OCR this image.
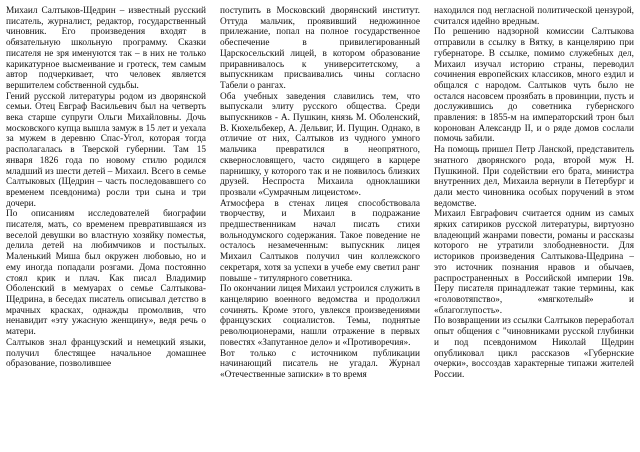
Михаил Салтыков-Щедрин – известный русский писатель, журналист, редактор, государственный чиновник. Его произведения входят в обязательную школьную программу. Сказки писателя не зря именуются так – в них не только карикатурное высмеивание и гротеск, тем самым автор подчеркивает, что человек является вершителем собственной судьбы.

Гений русской литературы родом из дворянской семьи. Отец Евграф Васильевич был на четверть века старше супруги Ольги Михайловны. Дочь московского купца вышла замуж в 15 лет и уехала за мужем в деревню Спас-Угол, которая тогда располагалась в Тверской губернии. Там 15 января 1826 года по новому стилю родился младший из шести детей – Михаил. Всего в семье Салтыковых (Щедрин – часть последовавшего со временем псевдонима) росли три сына и три дочери.

По описаниям исследователей биографии писателя, мать, со временем превратившаяся из веселой девушки во властную хозяйку поместья, делила детей на любимчиков и постылых. Маленький Миша был окружен любовью, но и ему иногда попадали розгами. Дома постоянно стоял крик и плач. Как писал Владимир Оболенский в мемуарах о семье Салтыкова-Щедрина, в беседах писатель описывал детство в мрачных красках, однажды промолвив, что ненавидит «эту ужасную женщину», ведя речь о матери.

Салтыков знал французский и немецкий языки, получил блестящее начальное домашнее образование, позволившее

поступить в Московский дворянский институт. Оттуда мальчик, проявивший недюжинное прилежание, попал на полное государственное обеспечение в привилегированный Царскосельский лицей, в котором образование приравнивалось к университетскому, а выпускникам присваивались чины согласно Табели о рангах.

Оба учебных заведения славились тем, что выпускали элиту русского общества. Среди выпускников - А. Пушкин, князь М. Оболенский, В. Кюхельбекер, А. Дельвиг, И. Пущин. Однако, в отличие от них, Салтыков из чудного умного мальчика превратился в неопрятного, сквернословящего, часто сидящего в карцере парнишку, у которого так и не появилось близких друзей. Неспроста Михаила одноклашики прозвали «Сумрачным лицеистом».

Атмосфера в стенах лицея способствовала творчеству, и Михаил в подражание предшественникам начал писать стихи вольнодумского содержания. Такое поведение не осталось незамеченным: выпускник лицея Михаил Салтыков получил чин коллежского секретаря, хотя за успехи в учебе ему светил ранг повыше - титулярного советника.

По окончании лицея Михаил устроился служить в канцелярию военного ведомства и продолжил сочинять. Кроме этого, увлекся произведениями французских социалистов. Темы, поднятые революционерами, нашли отражение в первых повестях «Запутанное дело» и «Противоречия».

Вот только с источником публикации начинающий писатель не угадал. Журнал «Отечественные записки» в то время

находился под негласной политической цензурой, считался идейно вредным.

По решению надзорной комиссии Салтыкова отправили в ссылку в Вятку, в канцелярию при губернаторе. В ссылке, помимо служебных дел, Михаил изучал историю страны, переводил сочинения европейских классиков, много ездил и общался с народом. Салтыков чуть было не остался насовсем прозябать в провинции, пусть и дослужившись до советника губернского правления: в 1855-м на императорский трон был коронован Александр II, и о ряде домов сослали помочь забили.

На помощь пришел Петр Ланской, представитель знатного дворянского рода, второй муж Н. Пушкиной. При содействии его брата, министра внутренних дел, Михаила вернули в Петербург и дали место чиновника особых поручений в этом ведомстве.

Михаил Евграфович считается одним из самых ярких сатириков русской литературы, виртуозно владеющий жанрами повести, романы и рассказы которого не утратили злободневности. Для историков произведения Салтыкова-Щедрина – это источник познания нравов и обычаев, распространенных в Российской империи 19в. Перу писателя принадлежат такие термины, как «головотяпство», «мягкотелый» и «благоглупость».

По возвращении из ссылки Салтыков переработал опыт общения с "чиновниками русской глубинки и под псевдонимом Николай Щедрин опубликовал цикл рассказов «Губернские очерки», воссоздав характерные типажи жителей России.
